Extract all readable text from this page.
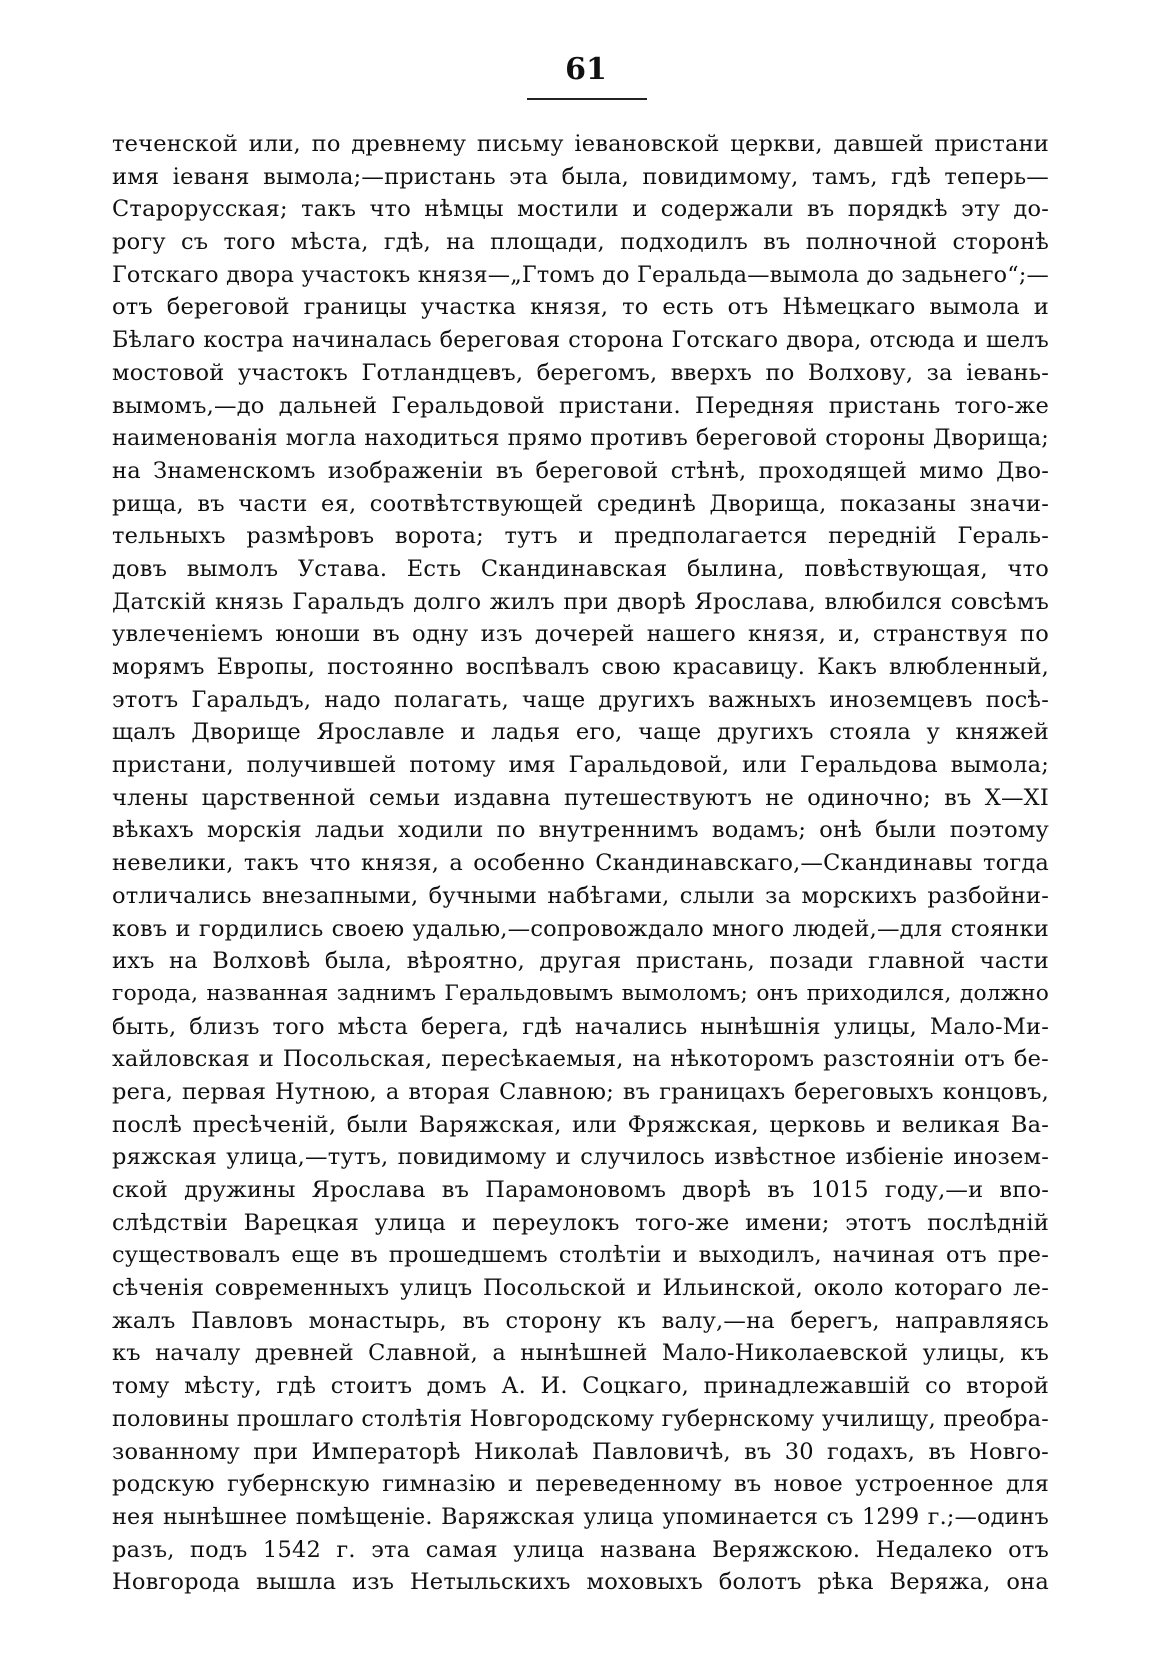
61
теченской или, по древнему письму іевановской церкви, давшей пристани
имя іеваня вымола;—пристань эта была, повидимому, тамъ, гдѣ теперь—
Старорусская; такъ что нѣмцы мостили и содержали въ порядкѣ эту до-
рогу съ того мѣста, гдѣ, на площади, подходилъ въ полночной сторонѣ
Готскаго двора участокъ князя—„Гтомъ до Геральда—вымола до задьнего“;—
отъ береговой границы участка князя, то есть отъ Нѣмецкаго вымола и
Бѣлаго костра начиналась береговая сторона Готскаго двора, отсюда и шелъ
мостовой участокъ Готландцевъ, берегомъ, вверхъ по Волхову, за іевань-
вымомъ,—до дальней Геральдовой пристани. Передняя пристань того-же
наименованія могла находиться прямо противъ береговой стороны Дворища;
на Знаменскомъ изображеніи въ береговой стѣнѣ, проходящей мимо Дво-
рища, въ части ея, соотвѣтствующей срединѣ Дворища, показаны значи-
тельныхъ размѣровъ ворота; тутъ и предполагается передній Гераль-
довъ вымолъ Устава. Есть Скандинавская былина, повѣствующая, что
Датскій князь Гаральдъ долго жилъ при дворѣ Ярослава, влюбился совсѣмъ
увлеченіемъ юноши въ одну изъ дочерей нашего князя, и, странствуя по
морямъ Европы, постоянно воспѣвалъ свою красавицу. Какъ влюбленный,
этотъ Гаральдъ, надо полагать, чаще другихъ важныхъ иноземцевъ посѣ-
щалъ Дворище Ярославле и ладья его, чаще другихъ стояла у княжей
пристани, получившей потому имя Гаральдовой, или Геральдова вымола;
члены царственной семьи издавна путешествуютъ не одиночно; въ X—XI
вѣкахъ морскія ладьи ходили по внутреннимъ водамъ; онѣ были поэтому
невелики, такъ что князя, а особенно Скандинавскаго,—Скандинавы тогда
отличались внезапными, бучными набѣгами, слыли за морскихъ разбойни-
ковъ и гордились своею удалью,—сопровождало много людей,—для стоянки
ихъ на Волховѣ была, вѣроятно, другая пристань, позади главной части
города, названная заднимъ Геральдовымъ вымоломъ; онъ приходился, должно
быть, близъ того мѣста берега, гдѣ начались нынѣшнія улицы, Мало-Ми-
хайловская и Посольская, пересѣкаемыя, на нѣкоторомъ разстояніи отъ бе-
рега, первая Нутною, а вторая Славною; въ границахъ береговыхъ концовъ,
послѣ пресѣченій, были Варяжская, или Фряжская, церковь и великая Ва-
ряжская улица,—тутъ, повидимому и случилось извѣстное избіеніе инозем-
ской дружины Ярослава въ Парамоновомъ дворѣ въ 1015 году,—и впо-
слѣдствіи Варецкая улица и переулокъ того-же имени; этотъ послѣдній
существовалъ еще въ прошедшемъ столѣтіи и выходилъ, начиная отъ пре-
сѣченія современныхъ улицъ Посольской и Ильинской, около котораго ле-
жалъ Павловъ монастырь, въ сторону къ валу,—на берегъ, направляясь
къ началу древней Славной, а нынѣшней Мало-Николаевской улицы, къ
тому мѣсту, гдѣ стоитъ домъ А. И. Соцкаго, принадлежавшій со второй
половины прошлаго столѣтія Новгородскому губернскому училищу, преобра-
зованному при Императорѣ Николаѣ Павловичѣ, въ 30 годахъ, въ Новго-
родскую губернскую гимназію и переведенному въ новое устроенное для
нея нынѣшнее помѣщеніе. Варяжская улица упоминается съ 1299 г.;—одинъ
разъ, подъ 1542 г. эта самая улица названа Веряжскою. Недалеко отъ
Новгорода вышла изъ Нетыльскихъ моховыхъ болотъ рѣка Веряжа, она
